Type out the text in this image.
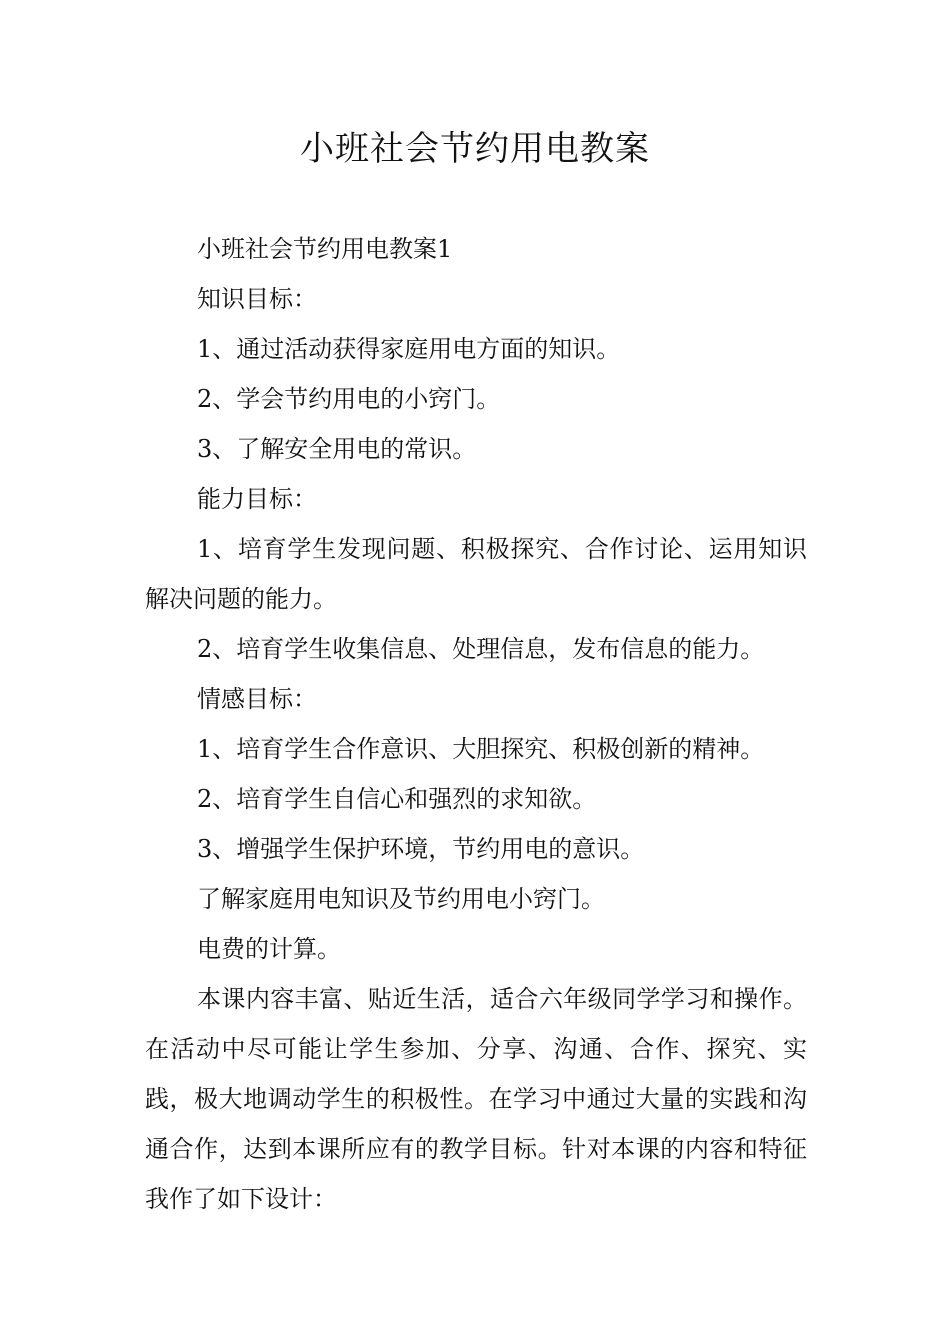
小班社会节约用电教案

小班社会节约用电教案1

知识目标：

1、通过活动获得家庭用电方面的知识。

2、学会节约用电的小窍门。

3、了解安全用电的常识。

能力目标：

1、培育学生发现问题、积极探究、合作讨论、运用知识解决问题的能力。

2、培育学生收集信息、处理信息，发布信息的能力。

情感目标：

1、培育学生合作意识、大胆探究、积极创新的精神。

2、培育学生自信心和强烈的求知欲。

3、增强学生保护环境，节约用电的意识。

了解家庭用电知识及节约用电小窍门。

电费的计算。

本课内容丰富、贴近生活，适合六年级同学学习和操作。在活动中尽可能让学生参加、分享、沟通、合作、探究、实践，极大地调动学生的积极性。在学习中通过大量的实践和沟通合作，达到本课所应有的教学目标。针对本课的内容和特征我作了如下设计：
